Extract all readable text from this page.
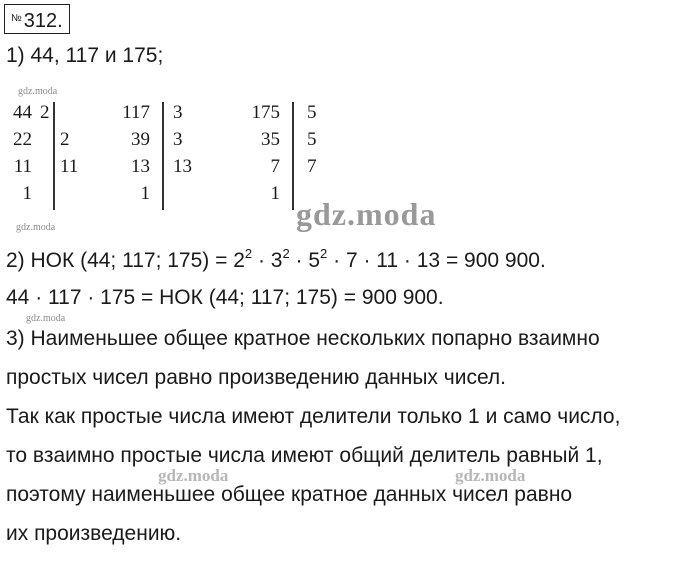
№ 312.
1) 44, 117 и 175;
gdz.moda
44 2
22 2
11 11
1
117 3
39 3
13 13
1
175 5
35 5
7 7
1
gdz.moda
gdz.moda
2) НОК (44; 117; $175) = 2^2 \cdot 3^2 \cdot 5^2 \cdot 7 \cdot 11 \cdot 13 = 900$ 900.
44 · 117 · 175 = НОК (44; 117; 175) = 900 900.
gdz.moda
3) Наименьшее общее кратное нескольких попарно взаимно
простых чисел равно произведению данных чисел.
Так как простые числа имеют делители только 1 и само число,
то взаимно простые числа имеют общий делитель равный 1,
gdz.moda	gdz.moda
поэтому наименьшее общее кратное данных чисел равно
их произведению.
